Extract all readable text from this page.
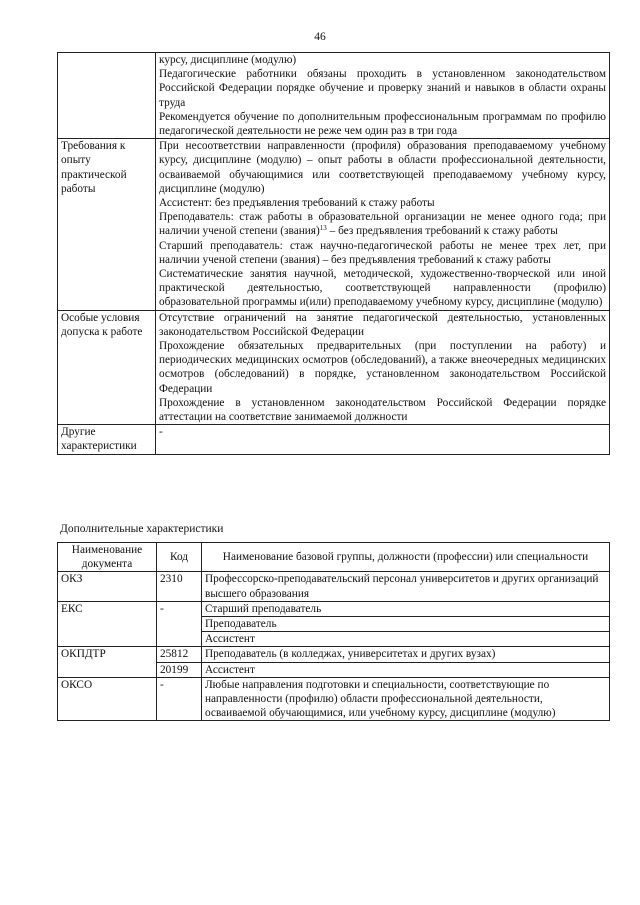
46

	курсу, дисциплине (модулю)

Педагогические работники обязаны проходить в установленном законодательством Российской Федерации порядке обучение и проверку знаний и навыков в области охраны труда

Рекомендуется обучение по дополнительным профессиональным программам по профилю педагогической деятельности не реже чем один раз в три года

Требования к опыту практической работы	При несоответствии направленности (профиля) образования преподаваемому учебному курсу, дисциплине (модулю) – опыт работы в области профессиональной деятельности, осваиваемой обучающимися или соответствующей преподаваемому учебному курсу, дисциплине (модулю)

Ассистент: без предъявления требований к стажу работы

Преподаватель: стаж работы в образовательной организации не менее одного года; при наличии ученой степени (звания)$^{13}$ – без предъявления требований к стажу работы

Старший преподаватель: стаж научно-педагогической работы не менее трех лет, при наличии ученой степени (звания) – без предъявления требований к стажу работы

Систематические занятия научной, методической, художественно-творческой или иной практической деятельностью, соответствующей направленности (профилю) образовательной программы и(или) преподаваемому учебному курсу, дисциплине (модулю)

Особые условия допуска к работе	Отсутствие ограничений на занятие педагогической деятельностью, установленных законодательством Российской Федерации

Прохождение обязательных предварительных (при поступлении на работу) и периодических медицинских осмотров (обследований), а также внеочередных медицинских осмотров (обследований) в порядке, установленном законодательством Российской Федерации

Прохождение в установленном законодательством Российской Федерации порядке аттестации на соответствие занимаемой должности

Другие характеристики	-

Дополнительные характеристики
Наименование документа	Код	Наименование базовой группы, должности (профессии) или специальности
ОКЗ	2310	Профессорско-преподавательский персонал университетов и других организаций высшего образования
ЕКС	-	Старший преподаватель
		Преподаватель
		Ассистент
ОКПДТР	25812	Преподаватель (в колледжах, университетах и других вузах)
	20199	Ассистент
ОКСО	-	Любые направления подготовки и специальности, соответствующие по направленности (профилю) области профессиональной деятельности, осваиваемой обучающимися, или учебному курсу, дисциплине (модулю)
